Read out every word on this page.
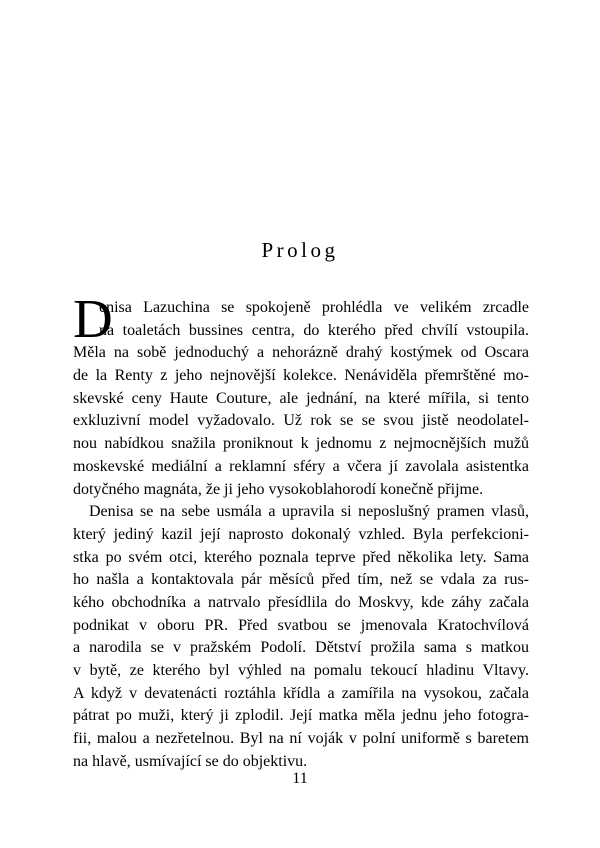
Prolog
D
enisa Lazuchina se spokojeně prohlédla ve velikém zrcadle
na toaletách bussines centra, do kterého před chvílí vstoupila.
Měla na sobě jednoduchý a nehorázně drahý kostýmek od Oscara
de la Renty z jeho nejnovější kolekce. Nenáviděla přemrštěné mo-
skevské ceny Haute Couture, ale jednání, na které mířila, si tento
exkluzivní model vyžadovalo. Už rok se se svou jistě neodolatel-
nou nabídkou snažila proniknout k jednomu z nejmocnějších mužů
moskevské mediální a reklamní sféry a včera jí zavolala asistentka
dotyčného magnáta, že ji jeho vysokoblahorodí konečně přijme.
Denisa se na sebe usmála a upravila si neposlušný pramen vlasů,
který jediný kazil její naprosto dokonalý vzhled. Byla perfekcioni-
stka po svém otci, kterého poznala teprve před několika lety. Sama
ho našla a kontaktovala pár měsíců před tím, než se vdala za rus-
kého obchodníka a natrvalo přesídlila do Moskvy, kde záhy začala
podnikat v oboru PR. Před svatbou se jmenovala Kratochvílová
a narodila se v pražském Podolí. Dětství prožila sama s matkou
v bytě, ze kterého byl výhled na pomalu tekoucí hladinu Vltavy.
A když v devatenácti roztáhla křídla a zamířila na vysokou, začala
pátrat po muži, který ji zplodil. Její matka měla jednu jeho fotogra-
fii, malou a nezřetelnou. Byl na ní voják v polní uniformě s baretem
na hlavě, usmívající se do objektivu.
11
